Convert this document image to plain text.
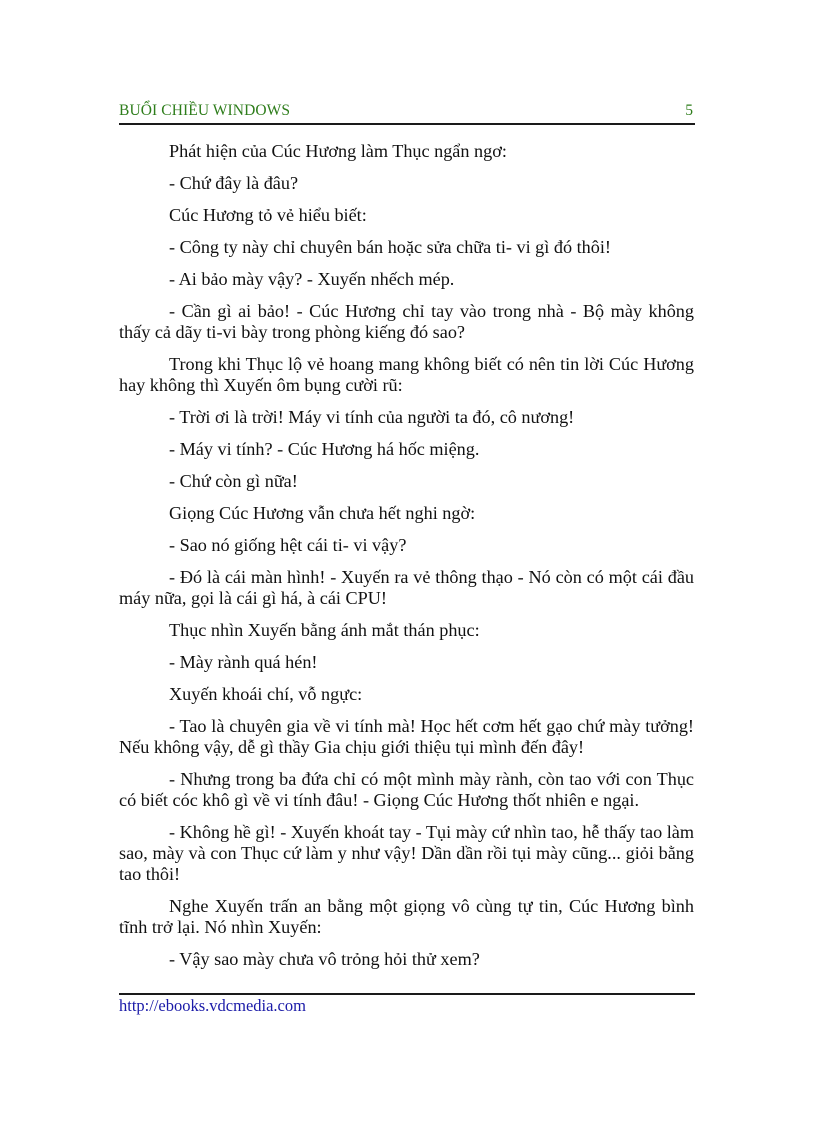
BUỔI CHIỀU WINDOWS	5

Phát hiện của Cúc Hương làm Thục ngẩn ngơ:

- Chứ đây là đâu?

Cúc Hương tỏ vẻ hiểu biết:

- Công ty này chỉ chuyên bán hoặc sửa chữa ti- vi gì đó thôi!

- Ai bảo mày vậy? - Xuyến nhếch mép.

- Cần gì ai bảo! - Cúc Hương chỉ tay vào trong nhà - Bộ mày không thấy cả dãy ti-vi bày trong phòng kiếng đó sao?

Trong khi Thục lộ vẻ hoang mang không biết có nên tin lời Cúc Hương hay không thì Xuyến ôm bụng cười rũ:

- Trời ơi là trời! Máy vi tính của người ta đó, cô nương!

- Máy vi tính? - Cúc Hương há hốc miệng.

- Chứ còn gì nữa!

Giọng Cúc Hương vẫn chưa hết nghi ngờ:

- Sao nó giống hệt cái ti- vi vậy?

- Đó là cái màn hình! - Xuyến ra vẻ thông thạo - Nó còn có một cái đầu máy nữa, gọi là cái gì há, à cái CPU!

Thục nhìn Xuyến bằng ánh mắt thán phục:

- Mày rành quá hén!

Xuyến khoái chí, vỗ ngực:

- Tao là chuyên gia về vi tính mà! Học hết cơm hết gạo chứ mày tưởng! Nếu không vậy, dễ gì thầy Gia chịu giới thiệu tụi mình đến đây!

- Nhưng trong ba đứa chỉ có một mình mày rành, còn tao với con Thục có biết cóc khô gì về vi tính đâu! - Giọng Cúc Hương thốt nhiên e ngại.

- Không hề gì! - Xuyến khoát tay - Tụi mày cứ nhìn tao, hễ thấy tao làm sao, mày và con Thục cứ làm y như vậy! Dần dần rồi tụi mày cũng... giỏi bằng tao thôi!

Nghe Xuyến trấn an bằng một giọng vô cùng tự tin, Cúc Hương bình tĩnh trở lại. Nó nhìn Xuyến:

- Vậy sao mày chưa vô trỏng hỏi thử xem?

http://ebooks.vdcmedia.com
